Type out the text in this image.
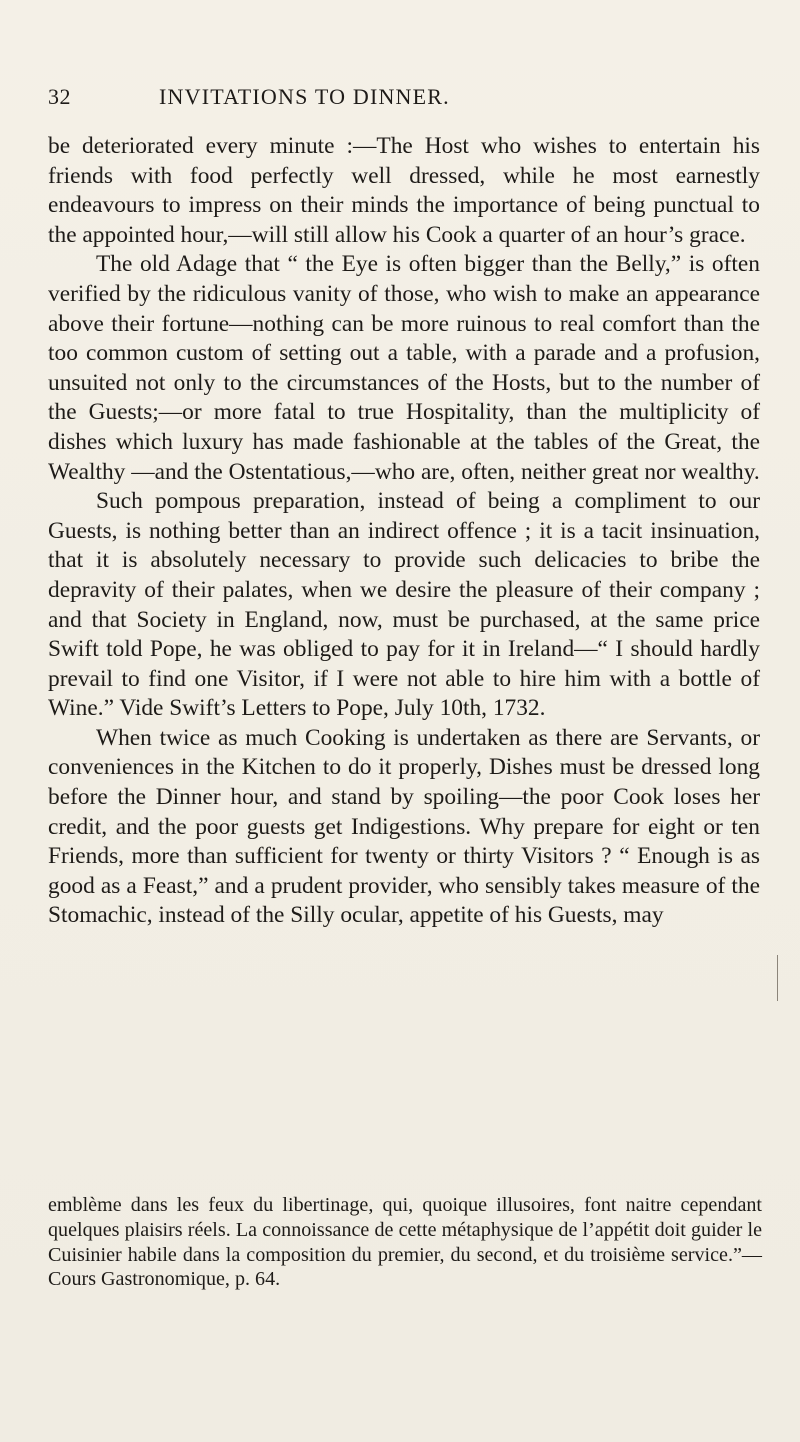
32	INVITATIONS TO DINNER.

be deteriorated every minute :—The Host who wishes to entertain his friends with food perfectly well dressed, while he most earnestly endeavours to impress on their minds the importance of being punctual to the appointed hour,—will still allow his Cook a quarter of an hour’s grace.

The old Adage that “ the Eye is often bigger than the Belly,” is often verified by the ridiculous vanity of those, who wish to make an appearance above their fortune—nothing can be more ruinous to real comfort than the too common custom of setting out a table, with a parade and a profusion, unsuited not only to the circumstances of the Hosts, but to the number of the Guests;—or more fatal to true Hospitality, than the multiplicity of dishes which luxury has made fashionable at the tables of the Great, the Wealthy —and the Ostentatious,—who are, often, neither great nor wealthy.

Such pompous preparation, instead of being a compliment to our Guests, is nothing better than an indirect offence ; it is a tacit insinuation, that it is absolutely necessary to provide such delicacies to bribe the depravity of their palates, when we desire the pleasure of their company ; and that Society in England, now, must be purchased, at the same price Swift told Pope, he was obliged to pay for it in Ireland—“ I should hardly prevail to find one Visitor, if I were not able to hire him with a bottle of Wine.” Vide Swift’s Letters to Pope, July 10th, 1732.

When twice as much Cooking is undertaken as there are Servants, or conveniences in the Kitchen to do it properly, Dishes must be dressed long before the Dinner hour, and stand by spoiling—the poor Cook loses her credit, and the poor guests get Indigestions. Why prepare for eight or ten Friends, more than sufficient for twenty or thirty Visitors ? “ Enough is as good as a Feast,” and a prudent provider, who sensibly takes measure of the Stomachic, instead of the Silly ocular, appetite of his Guests, may

emblème dans les feux du libertinage, qui, quoique illusoires, font naitre cependant quelques plaisirs réels. La connoissance de cette métaphysique de l’appétit doit guider le Cuisinier habile dans la composition du premier, du second, et du troisième service.”— Cours Gastronomique, p. 64.
